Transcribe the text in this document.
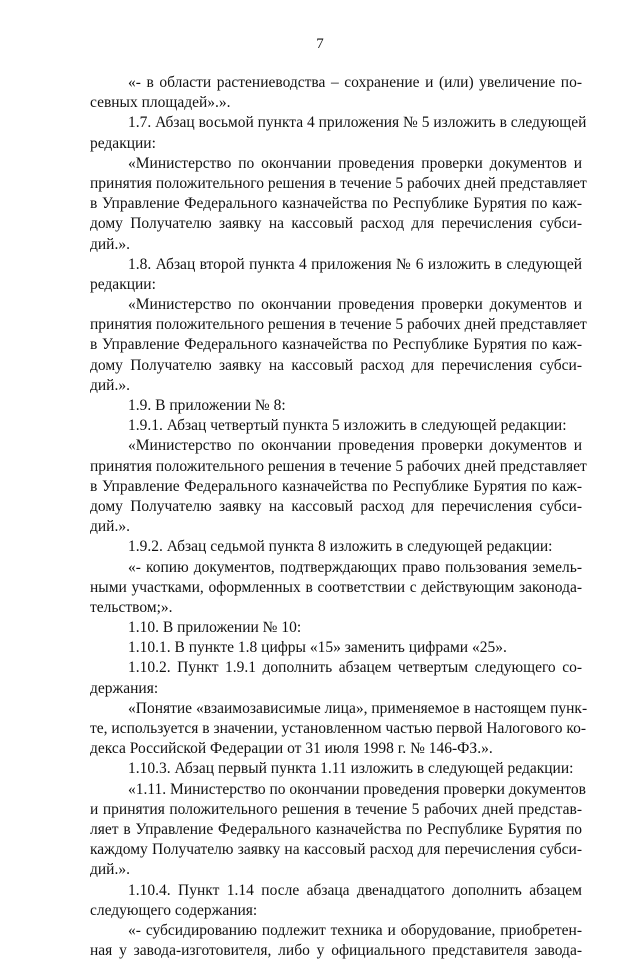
7
«- в области растениеводства – сохранение и (или) увеличение по-
севных площадей».».
1.7. Абзац восьмой пункта 4 приложения № 5 изложить в следующей
редакции:
«Министерство по окончании проведения проверки документов и
принятия положительного решения в течение 5 рабочих дней представляет
в Управление Федерального казначейства по Республике Бурятия по каж-
дому Получателю заявку на кассовый расход для перечисления субси-
дий.».
1.8. Абзац второй пункта 4 приложения № 6 изложить в следующей
редакции:
«Министерство по окончании проведения проверки документов и
принятия положительного решения в течение 5 рабочих дней представляет
в Управление Федерального казначейства по Республике Бурятия по каж-
дому Получателю заявку на кассовый расход для перечисления субси-
дий.».
1.9. В приложении № 8:
1.9.1. Абзац четвертый пункта 5 изложить в следующей редакции:
«Министерство по окончании проведения проверки документов и
принятия положительного решения в течение 5 рабочих дней представляет
в Управление Федерального казначейства по Республике Бурятия по каж-
дому Получателю заявку на кассовый расход для перечисления субси-
дий.».
1.9.2. Абзац седьмой пункта 8 изложить в следующей редакции:
«- копию документов, подтверждающих право пользования земель-
ными участками, оформленных в соответствии с действующим законода-
тельством;».
1.10. В приложении № 10:
1.10.1. В пункте 1.8 цифры «15» заменить цифрами «25».
1.10.2. Пункт 1.9.1 дополнить абзацем четвертым следующего со-
держания:
«Понятие «взаимозависимые лица», применяемое в настоящем пунк-
те, используется в значении, установленном частью первой Налогового ко-
декса Российской Федерации от 31 июля 1998 г. № 146-ФЗ.».
1.10.3. Абзац первый пункта 1.11 изложить в следующей редакции:
«1.11. Министерство по окончании проведения проверки документов
и принятия положительного решения в течение 5 рабочих дней представ-
ляет в Управление Федерального казначейства по Республике Бурятия по
каждому Получателю заявку на кассовый расход для перечисления субси-
дий.».
1.10.4. Пункт 1.14 после абзаца двенадцатого дополнить абзацем
следующего содержания:
«- субсидированию подлежит техника и оборудование, приобретен-
ная у завода-изготовителя, либо у официального представителя завода-
